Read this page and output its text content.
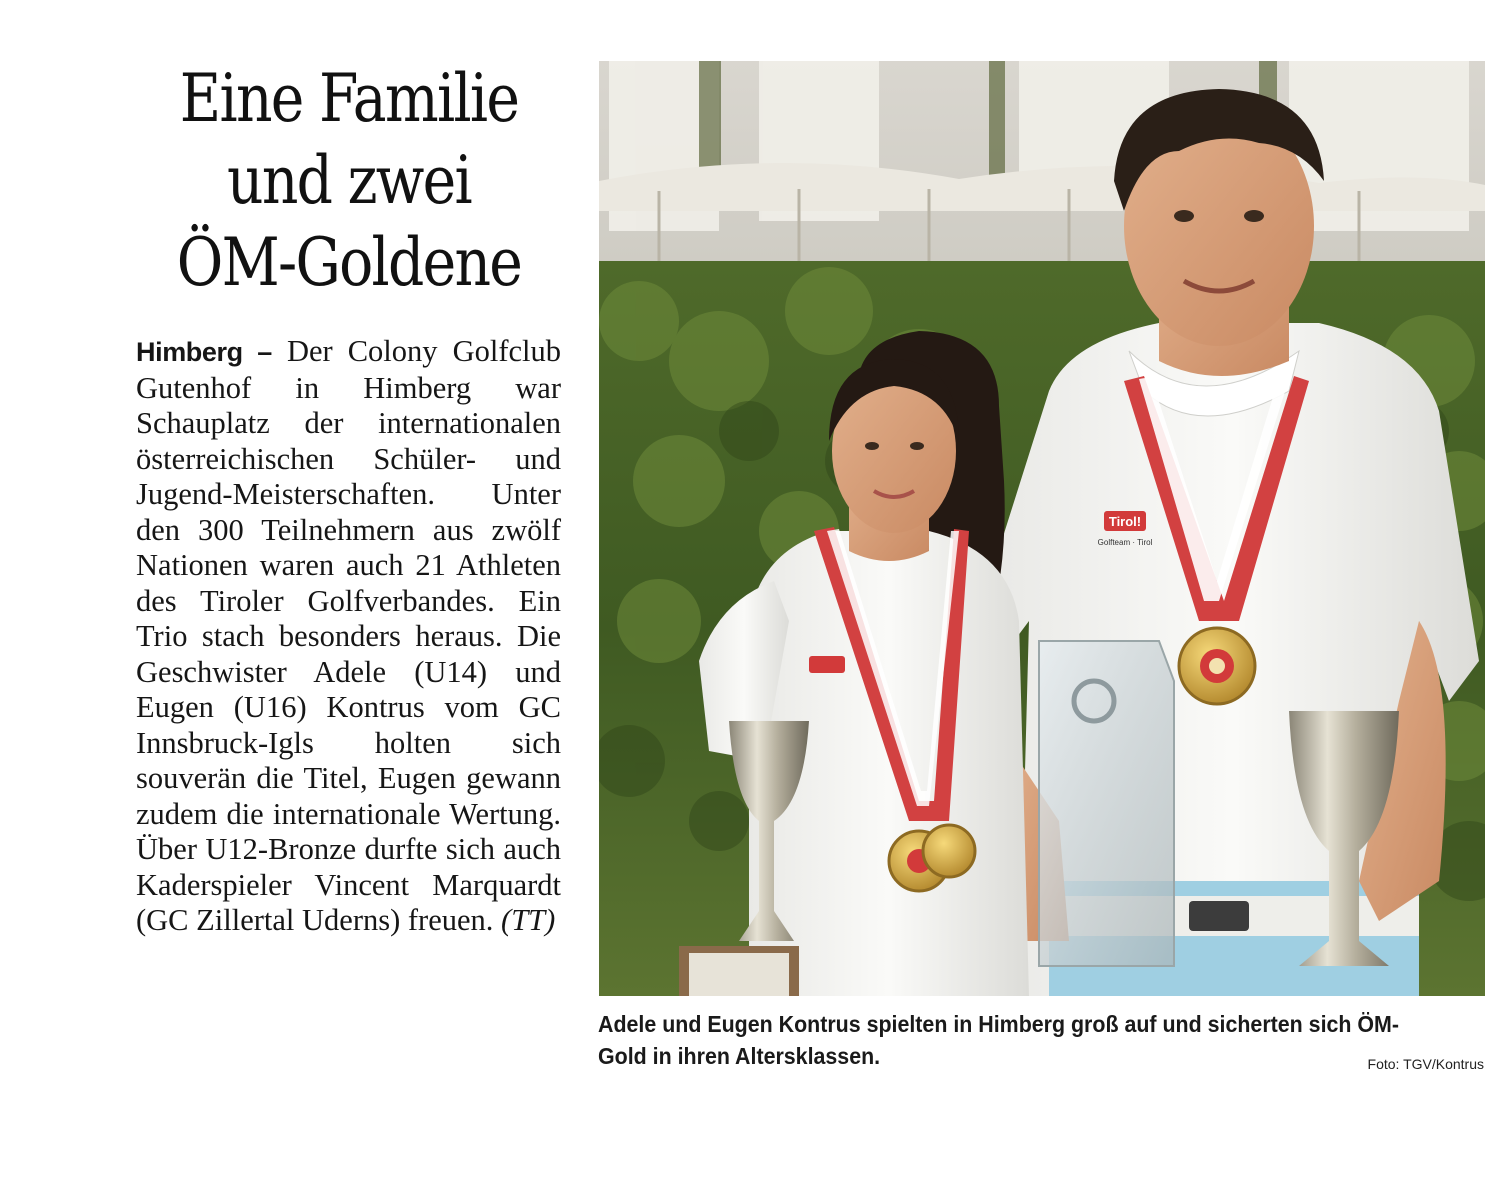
Eine Familie
und zwei
ÖM-Goldene

Himberg – Der Colony Golfclub Gutenhof in Himberg war Schauplatz der internationalen österreichischen Schüler- und Jugend-Meisterschaften. Unter den 300 Teilnehmern aus zwölf Nationen waren auch 21 Athleten des Tiroler Golfverbandes. Ein Trio stach besonders heraus. Die Geschwister Adele (U14) und Eugen (U16) Kontrus vom GC Innsbruck-Igls holten sich souverän die Titel, Eugen gewann zudem die internationale Wertung. Über U12-Bronze durfte sich auch Kaderspieler Vincent Marquardt (GC Zillertal Uderns) freuen. (TT)

Tirol!
Golfteam · Tirol

Adele und Eugen Kontrus spielten in Himberg groß auf und sicherten sich ÖM-Gold in ihren Altersklassen.	Foto: TGV/Kontrus
